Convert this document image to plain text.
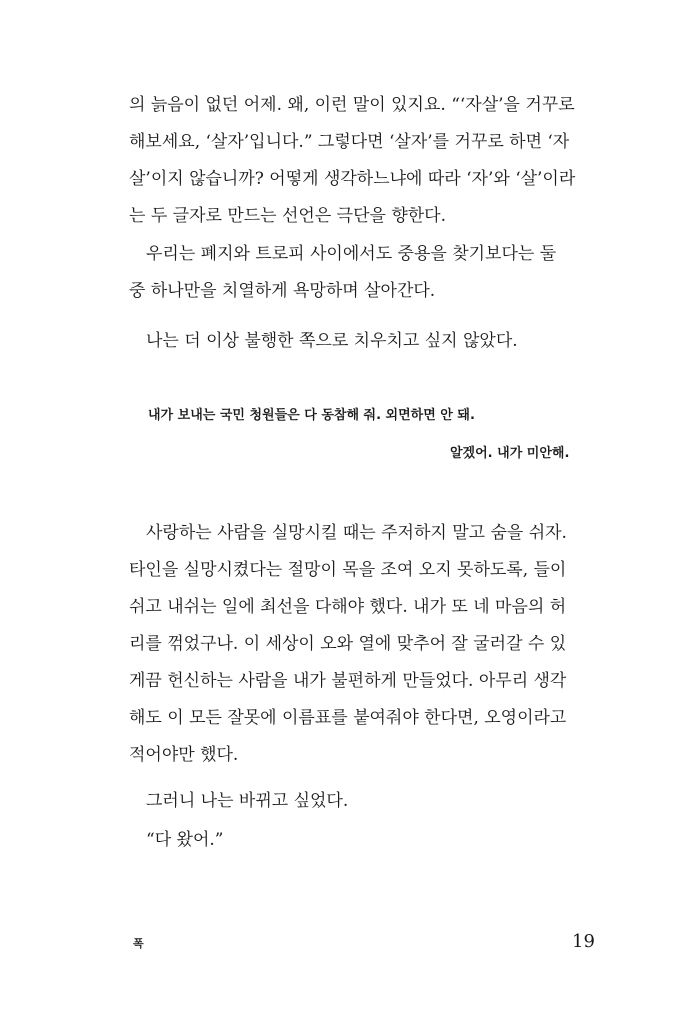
의 늙음이 없던 어제. 왜, 이런 말이 있지요. “‘자살’을 거꾸로
해보세요, ‘살자’입니다.” 그렇다면 ‘살자’를 거꾸로 하면 ‘자
살’이지 않습니까? 어떻게 생각하느냐에 따라 ‘자’와 ‘살’이라
는 두 글자로 만드는 선언은 극단을 향한다.

우리는 폐지와 트로피 사이에서도 중용을 찾기보다는 둘
중 하나만을 치열하게 욕망하며 살아간다.

나는 더 이상 불행한 쪽으로 치우치고 싶지 않았다.

내가 보내는 국민 청원들은 다 동참해 줘. 외면하면 안 돼.
알겠어. 내가 미안해.

사랑하는 사람을 실망시킬 때는 주저하지 말고 숨을 쉬자.
타인을 실망시켰다는 절망이 목을 조여 오지 못하도록, 들이
쉬고 내쉬는 일에 최선을 다해야 했다. 내가 또 네 마음의 허
리를 꺾었구나. 이 세상이 오와 열에 맞추어 잘 굴러갈 수 있
게끔 헌신하는 사람을 내가 불편하게 만들었다. 아무리 생각
해도 이 모든 잘못에 이름표를 붙여줘야 한다면, 오영이라고
적어야만 했다.

그러니 나는 바뀌고 싶었다.

“다 왔어.”

폭	19
